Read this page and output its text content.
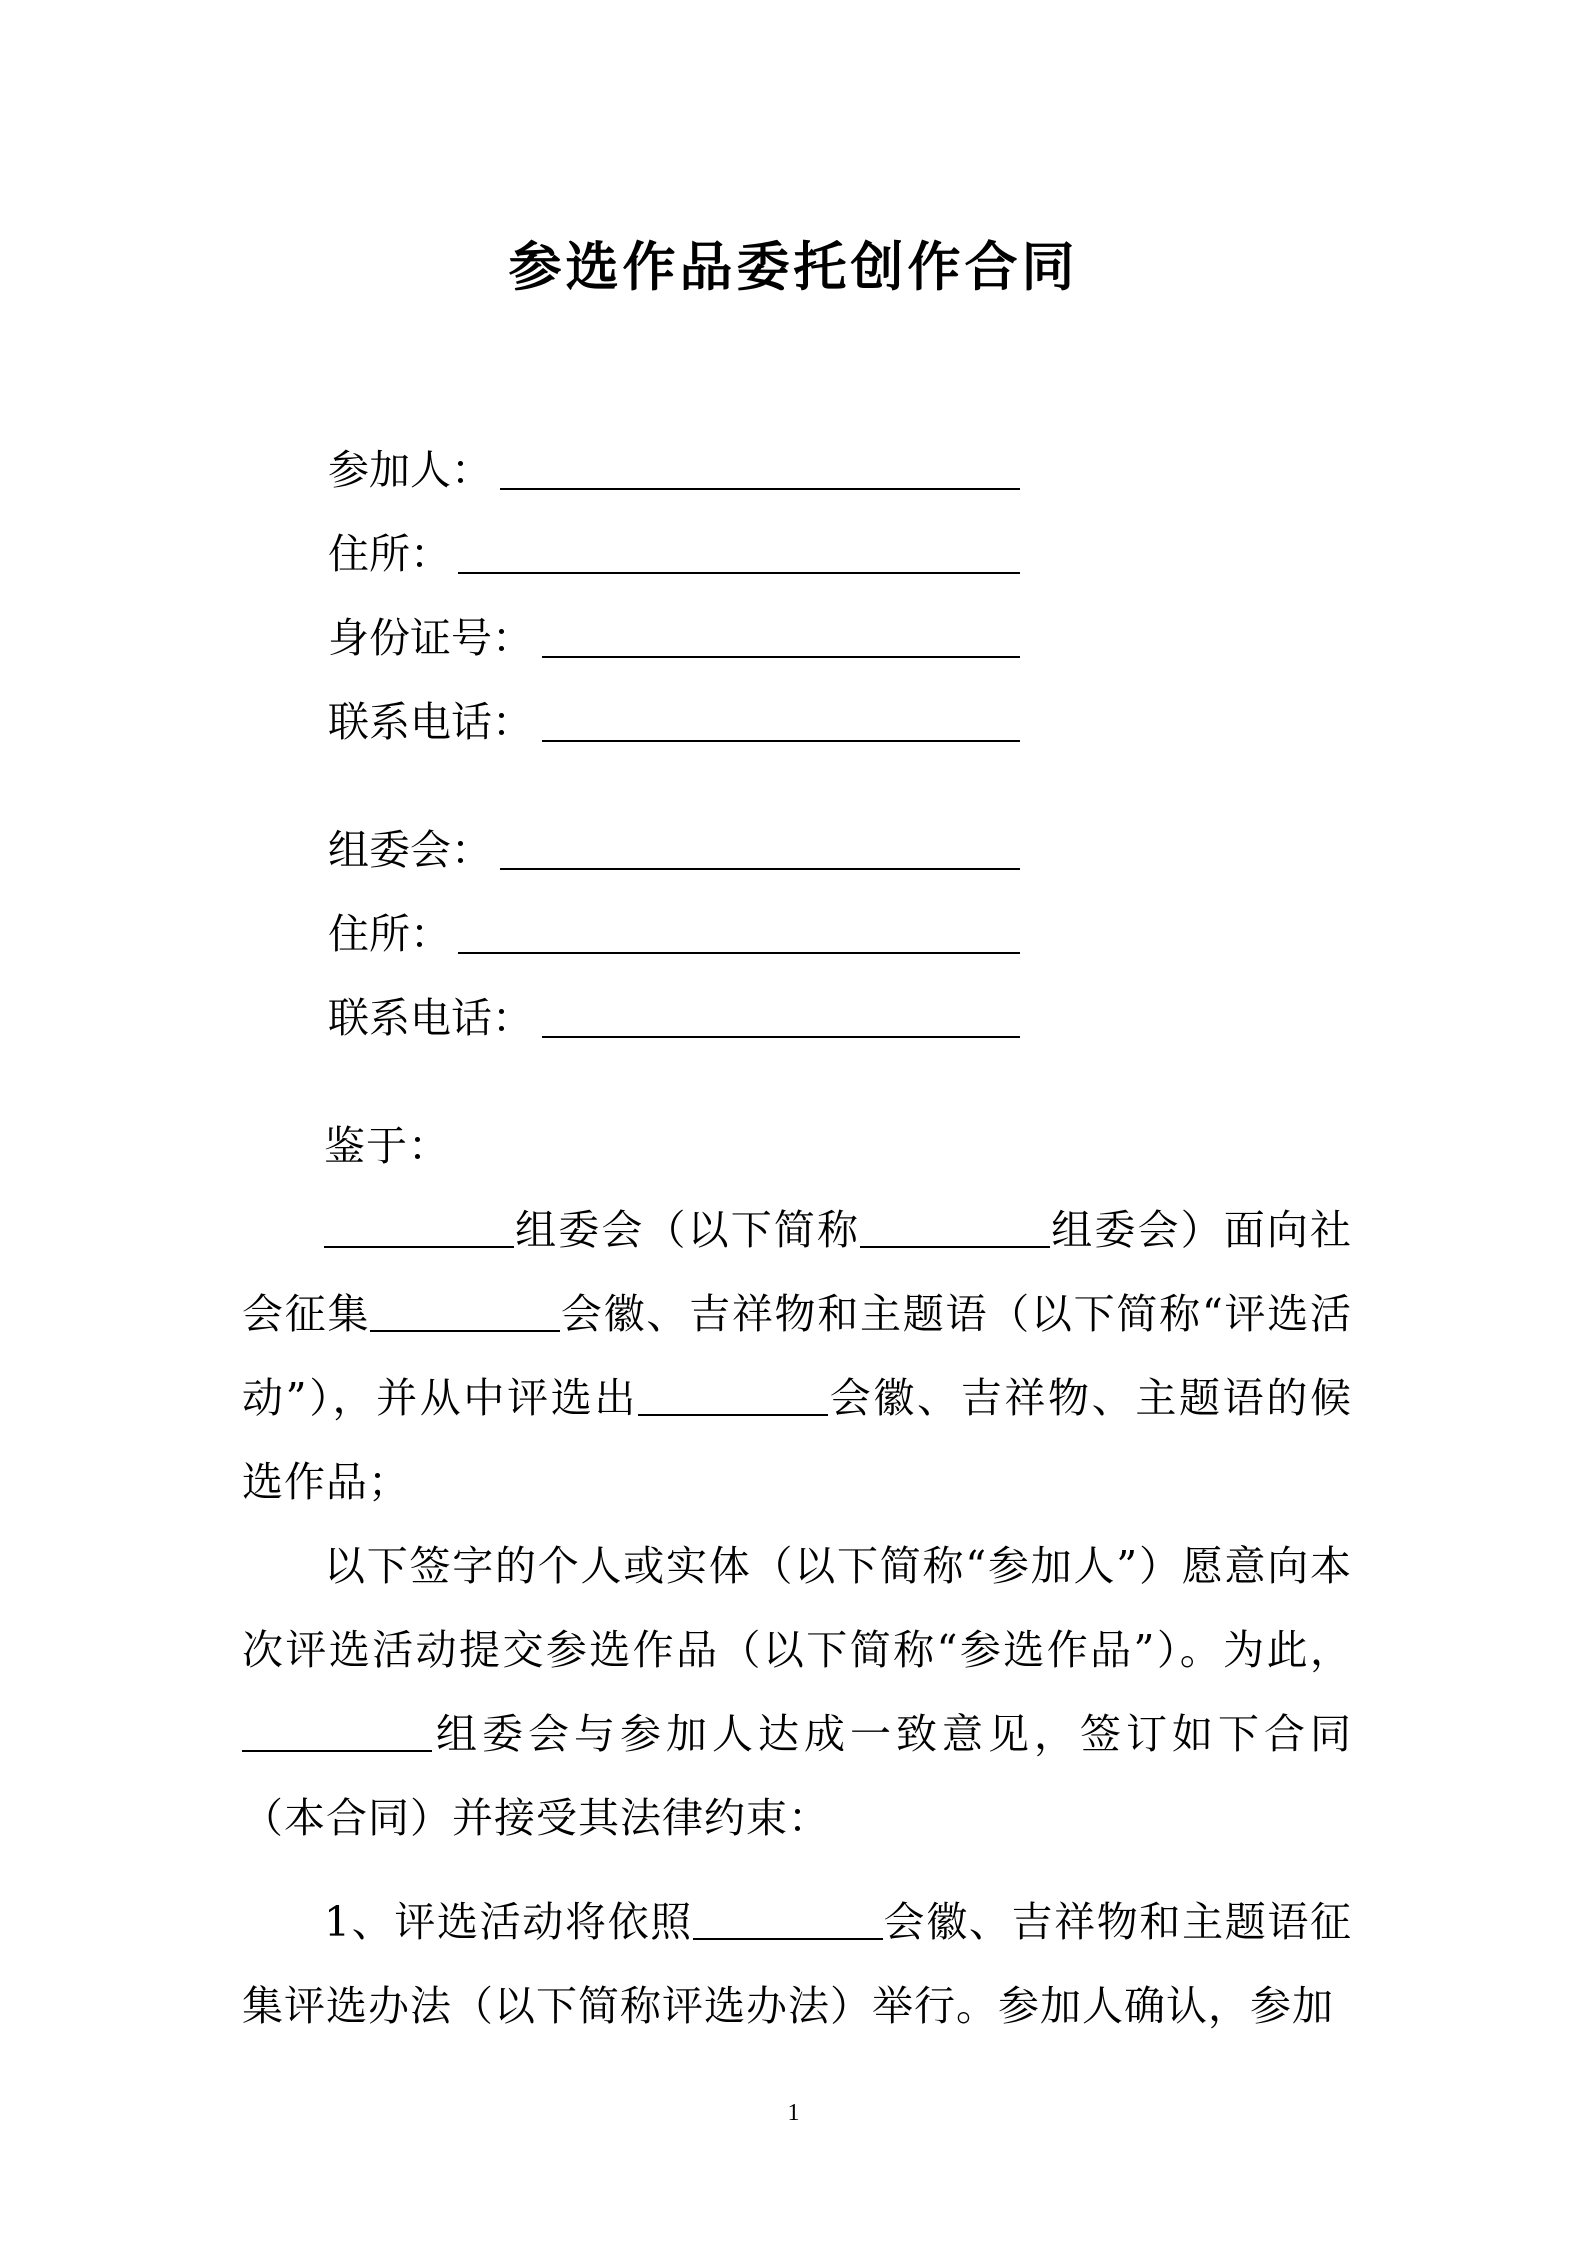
参选作品委托创作合同
参加人：
住所：
身份证号：
联系电话：
组委会：
住所：
联系电话：

鉴于：

组委会（以下简称	组委会）面向社会征集	会徽、吉祥物和主题语（以下简称“评选活动”），并从中评选出	会徽、吉祥物、主题语的候选作品；

以下签字的个人或实体（以下简称“参加人”）愿意向本次评选活动提交参选作品（以下简称“参选作品”）。为此，组委会与参加人达成一致意见，签订如下合同（本合同）并接受其法律约束：

1、评选活动将依照	会徽、吉祥物和主题语征集评选办法（以下简称评选办法）举行。参加人确认，参加

1
